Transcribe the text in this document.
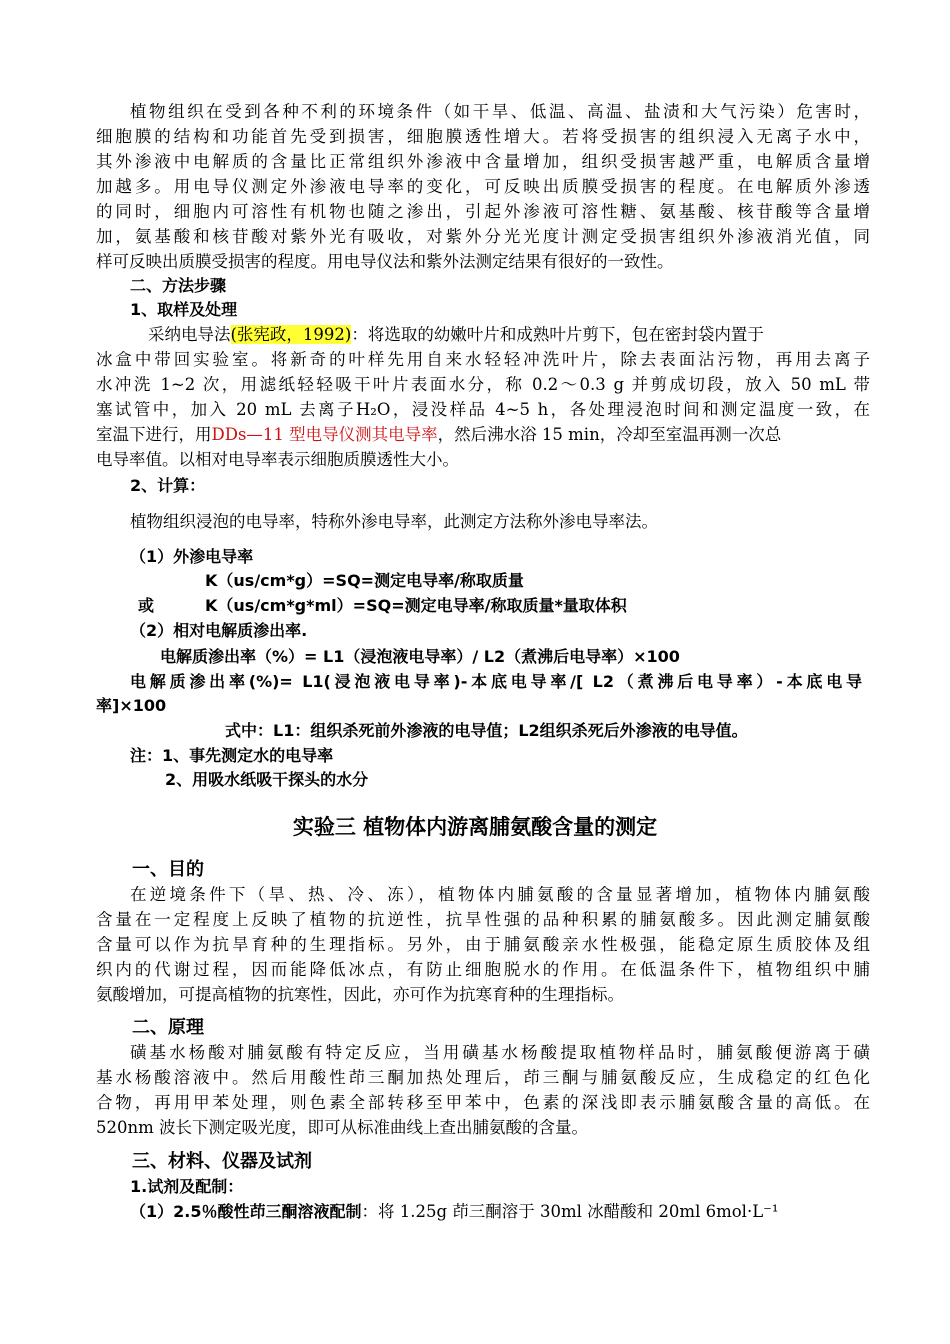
植物组织在受到各种不利的环境条件（如干旱、低温、高温、盐渍和大气污染）危害时，
细胞膜的结构和功能首先受到损害，细胞膜透性增大。若将受损害的组织浸入无离子水中，
其外渗液中电解质的含量比正常组织外渗液中含量增加，组织受损害越严重，电解质含量增
加越多。用电导仪测定外渗液电导率的变化，可反映出质膜受损害的程度。在电解质外渗透
的同时，细胞内可溶性有机物也随之渗出，引起外渗液可溶性糖、氨基酸、核苷酸等含量增
加，氨基酸和核苷酸对紫外光有吸收，对紫外分光光度计测定受损害组织外渗液消光值，同
样可反映出质膜受损害的程度。用电导仪法和紫外法测定结果有很好的一致性。
二、方法步骤
1、取样及处理
采纳电导法(张宪政，1992)：将选取的幼嫩叶片和成熟叶片剪下，包在密封袋内置于
冰盒中带回实验室。将新奇的叶样先用自来水轻轻冲洗叶片，除去表面沾污物，再用去离子
水冲洗 1~2 次，用滤纸轻轻吸干叶片表面水分，称 0.2～0.3 g 并剪成切段，放入 50 mL 带
塞试管中，加入 20 mL 去离子H₂O，浸没样品 4~5 h，各处理浸泡时间和测定温度一致，在
室温下进行，用DDs—11 型电导仪测其电导率，然后沸水浴 15 min，冷却至室温再测一次总
电导率值。以相对电导率表示细胞质膜透性大小。
2、计算：
植物组织浸泡的电导率，特称外渗电导率，此测定方法称外渗电导率法。
（1）外渗电导率
K（us/cm*g）=SQ=测定电导率/称取质量
或	K（us/cm*g*ml）=SQ=测定电导率/称取质量*量取体积
（2）相对电解质渗出率.
电解质渗出率（%）= L1（浸泡液电导率）/ L2（煮沸后电导率）×100
电解质渗出率(%)= L1(浸泡液电导率)-本底电导率/[ L2（煮沸后电导率）-本底电导
率]×100
式中：L1：组织杀死前外渗液的电导值；L2组织杀死后外渗液的电导值。
注：1、事先测定水的电导率
2、用吸水纸吸干探头的水分
实验三 植物体内游离脯氨酸含量的测定
一、目的
在逆境条件下（旱、热、冷、冻），植物体内脯氨酸的含量显著增加，植物体内脯氨酸
含量在一定程度上反映了植物的抗逆性，抗旱性强的品种积累的脯氨酸多。因此测定脯氨酸
含量可以作为抗旱育种的生理指标。另外，由于脯氨酸亲水性极强，能稳定原生质胶体及组
织内的代谢过程，因而能降低冰点，有防止细胞脱水的作用。在低温条件下，植物组织中脯
氨酸增加，可提高植物的抗寒性，因此，亦可作为抗寒育种的生理指标。
二、原理
磺基水杨酸对脯氨酸有特定反应，当用磺基水杨酸提取植物样品时，脯氨酸便游离于磺
基水杨酸溶液中。然后用酸性茚三酮加热处理后，茚三酮与脯氨酸反应，生成稳定的红色化
合物，再用甲苯处理，则色素全部转移至甲苯中，色素的深浅即表示脯氨酸含量的高低。在
520nm 波长下测定吸光度，即可从标准曲线上查出脯氨酸的含量。
三、材料、仪器及试剂
1.试剂及配制：
（1）2.5％酸性茚三酮溶液配制：将 1.25g 茚三酮溶于 30ml 冰醋酸和 20ml 6mol·L⁻¹
